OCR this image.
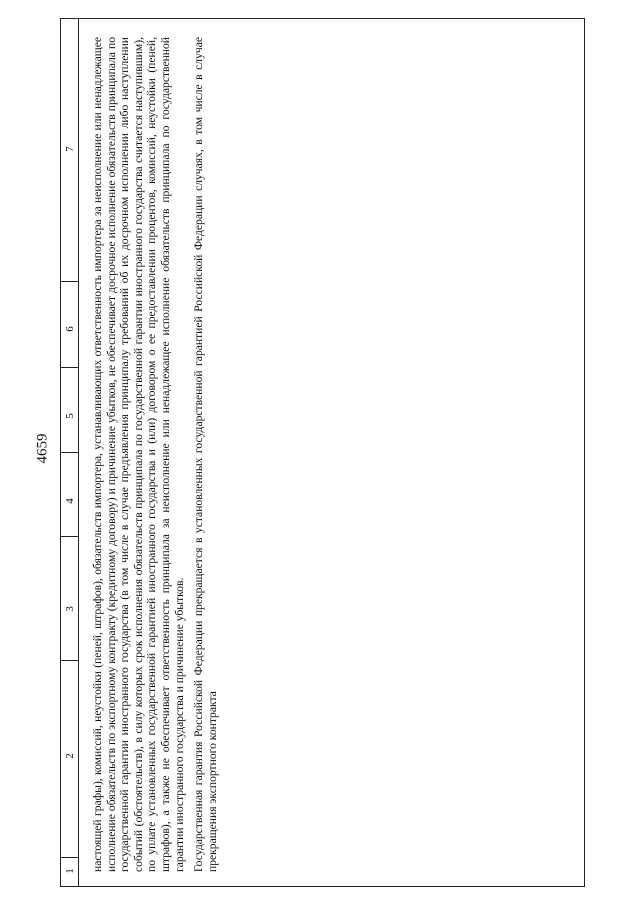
4659
1
2
3
4
5
6
7 настоящей графы), комиссий, неустойки (пеней, штрафов), обязательств импортера, устанавливающих ответственность импортера за неисполнение или ненадлежащее исполнение обязательств по экспортному контракту (кредитному договору) и причинение убытков, не обеспечивает досрочное исполнение обязательств принципала по государственной гарантии иностранного государства (в том числе в случае предъявления принципалу требований об их досрочном исполнении либо наступлении событий (обстоятельств), в силу которых срок исполнения обязательств принципала по государственной гарантии иностранного государства считается наступившим), по уплате установленных государственной гарантией иностранного государства и (или) договором о ее предоставлении процентов, комиссий, неустойки (пеней, штрафов), а также не обеспечивает ответственность принципала за неисполнение или ненадлежащее исполнение обязательств принципала по государственной гарантии иностранного государства и причинение убытков. Государственная гарантия Российской Федерации прекращается в установленных государственной гарантией Российской Федерации случаях, в том числе в случае прекращения экспортного контракта
